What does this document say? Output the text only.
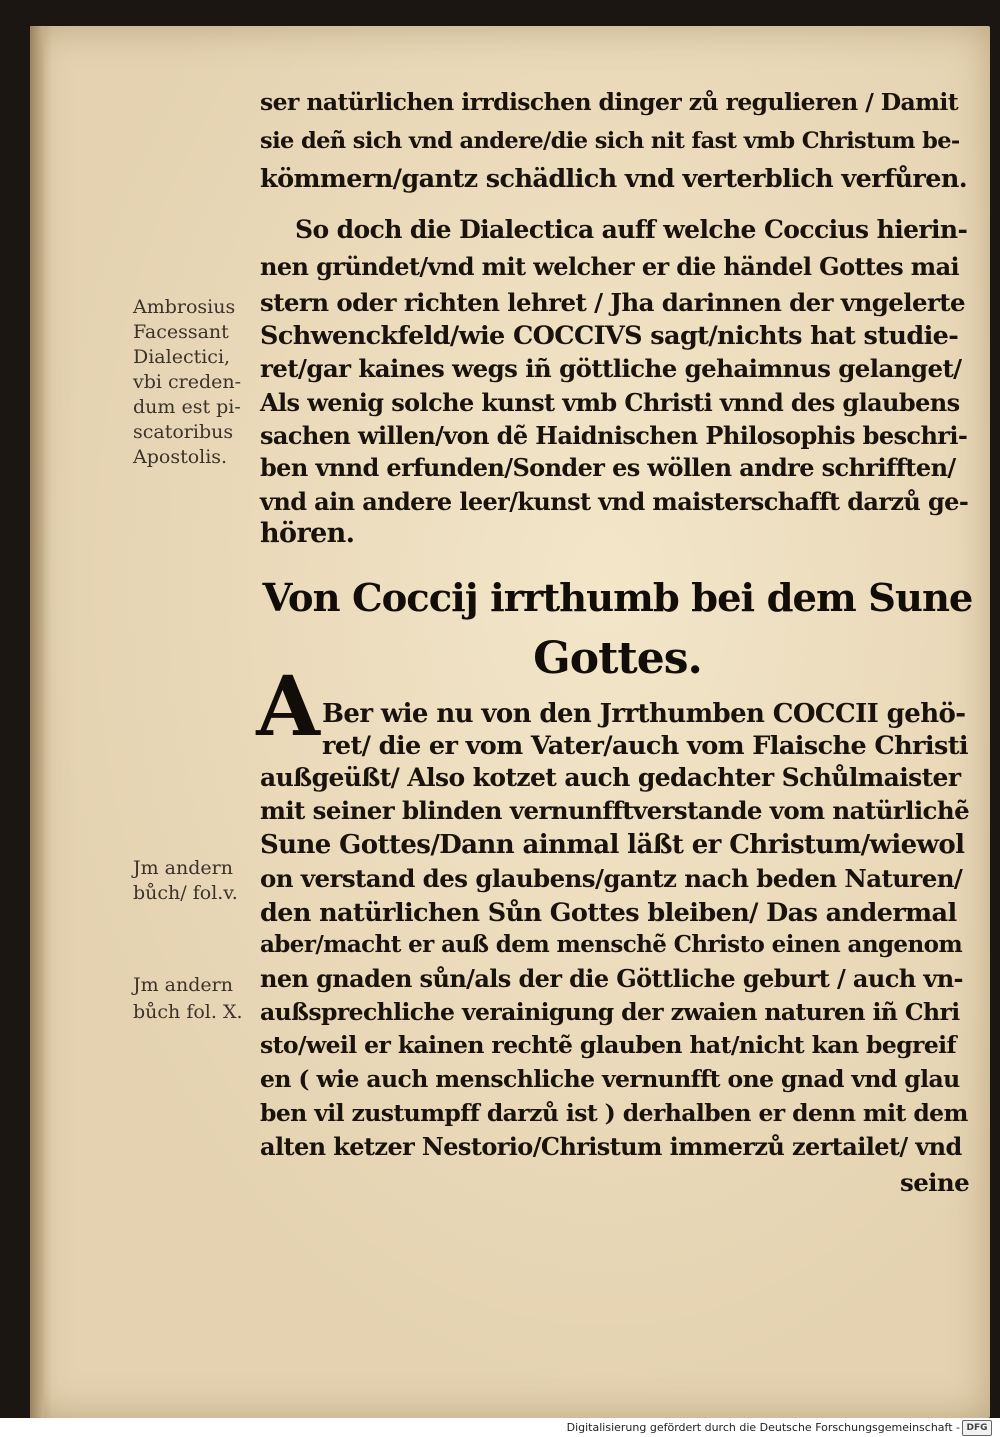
ser natürlichen irrdischen dinger zů regulieren / Damit
sie deñ sich vnd andere/die sich nit fast vmb Christum be-
kömmern/gantz schädlich vnd verterblich verfůren.
So doch die Dialectica auff welche Coccius hierin-
nen gründet/vnd mit welcher er die händel Gottes mai
stern oder richten lehret / Jha darinnen der vngelerte
Schwenckfeld/wie COCCIVS sagt/nichts hat studie-
ret/gar kaines wegs iñ göttliche gehaimnus gelanget/
Als wenig solche kunst vmb Christi vnnd des glaubens
sachen willen/von dẽ Haidnischen Philosophis beschri-
ben vnnd erfunden/Sonder es wöllen andre schrifften/
vnd ain andere leer/kunst vnd maisterschafft darzů ge-
hören.
Von Coccij irrthumb bei dem Sune
Gottes.
A Ber wie nu von den Jrrthumben COCCII gehö-
ret/ die er vom Vater/auch vom Flaische Christi
außgeüßt/ Also kotzet auch gedachter Schůlmaister
mit seiner blinden vernunfftverstande vom natürlichẽ
Sune Gottes/Dann ainmal läßt er Christum/wiewol
on verstand des glaubens/gantz nach beden Naturen/
den natürlichen Sůn Gottes bleiben/ Das andermal
aber/macht er auß dem menschẽ Christo einen angenom
nen gnaden sůn/als der die Göttliche geburt / auch vn-
außsprechliche verainigung der zwaien naturen iñ Chri
sto/weil er kainen rechtẽ glauben hat/nicht kan begreif
en ( wie auch menschliche vernunfft one gnad vnd glau
ben vil zustumpff darzů ist ) derhalben er denn mit dem
alten ketzer Nestorio/Christum immerzů zertailet/ vnd
seine
Ambrosius
Facessant
Dialectici,
vbi creden-
dum est pi-
scatoribus
Apostolis.
Jm andern
bůch/ fol.v.
Jm andern
bůch fol. X.
Digitalisierung gefördert durch die Deutsche Forschungsgemeinschaft - DFG
